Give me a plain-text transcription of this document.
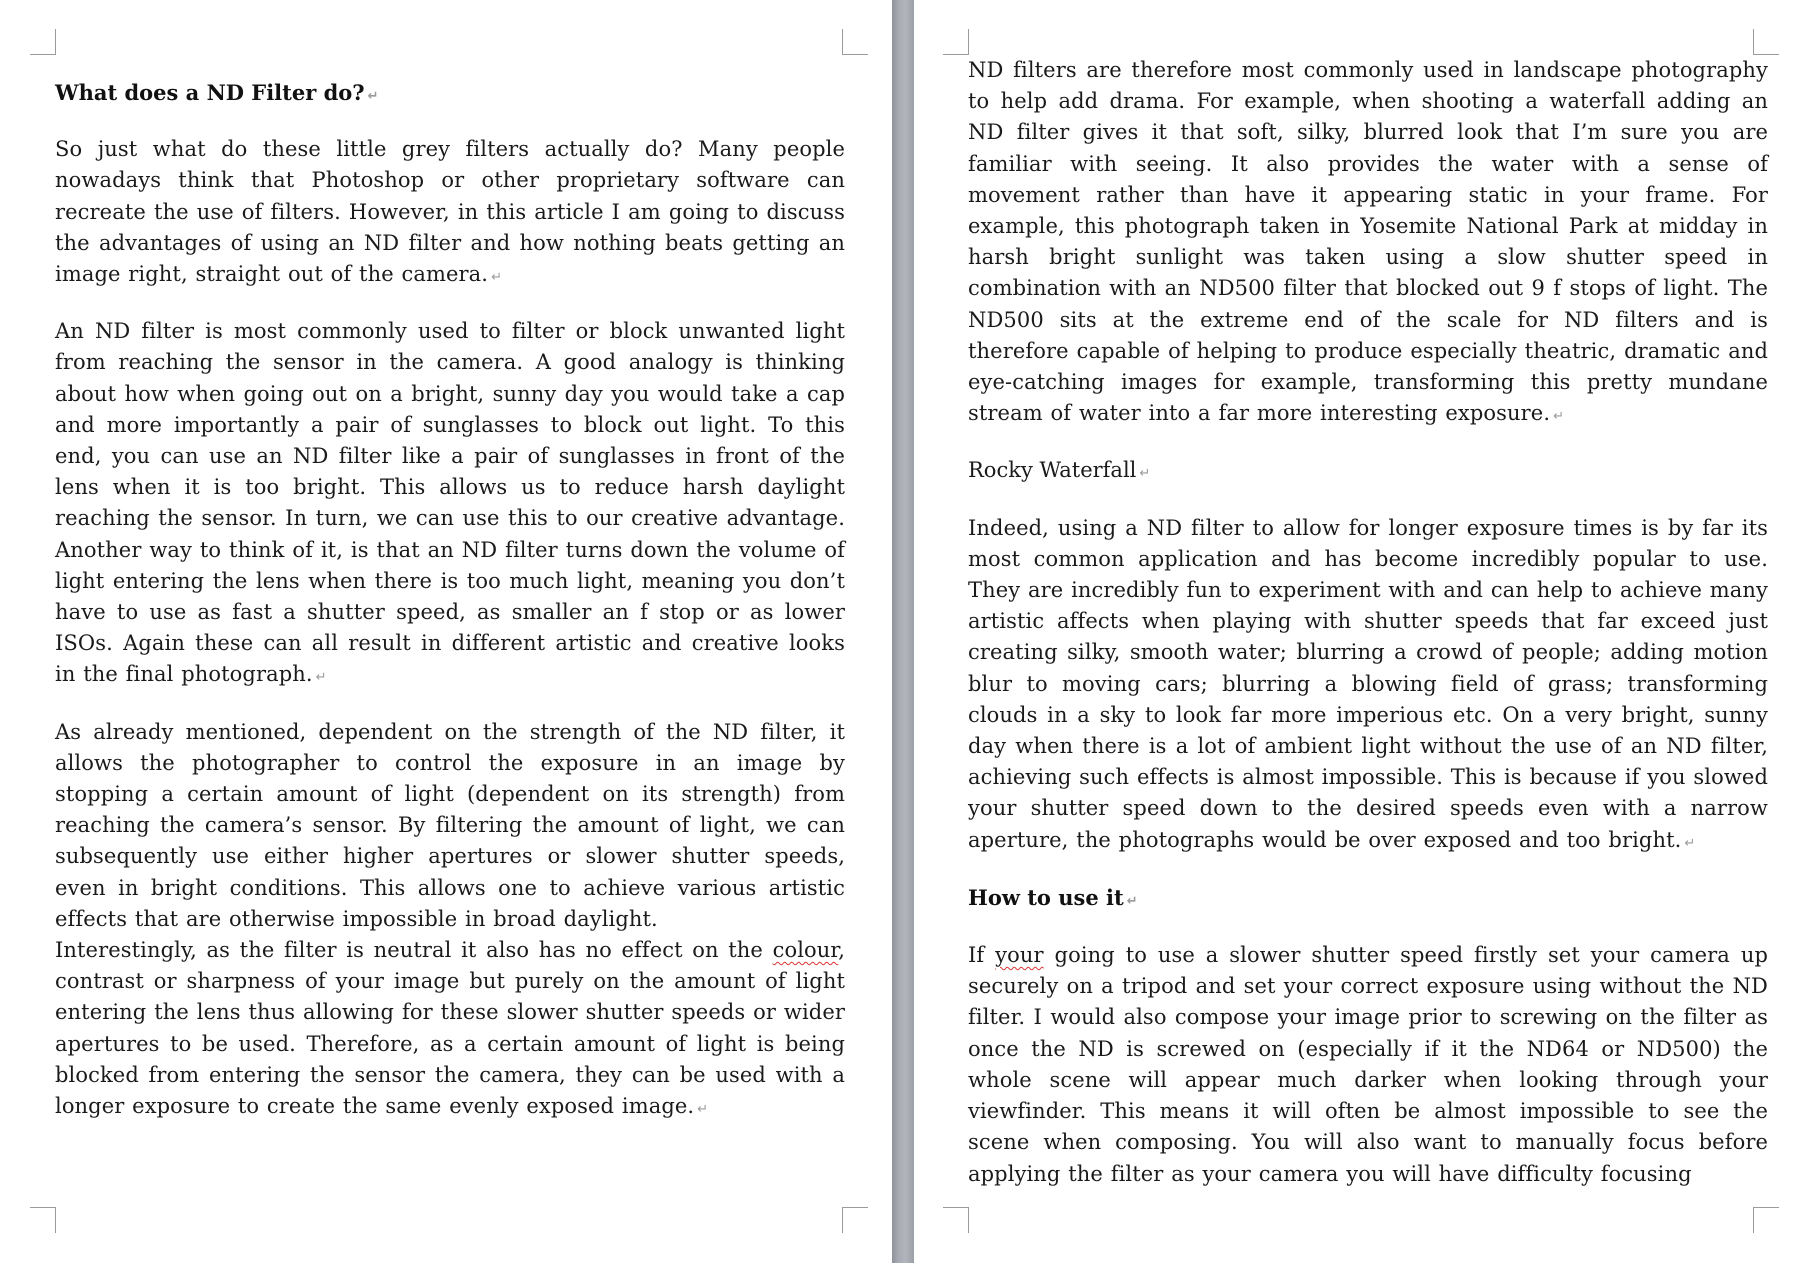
What does a ND Filter do? ↵

So just what do these little grey filters actually do? Many people nowadays think that Photoshop or other proprietary software can recreate the use of filters. However, in this article I am going to discuss the advantages of using an ND filter and how nothing beats getting an image right, straight out of the camera. ↵

An ND filter is most commonly used to filter or block unwanted light from reaching the sensor in the camera. A good analogy is thinking about how when going out on a bright, sunny day you would take a cap and more importantly a pair of sunglasses to block out light. To this end, you can use an ND filter like a pair of sunglasses in front of the lens when it is too bright. This allows us to reduce harsh daylight reaching the sensor. In turn, we can use this to our creative advantage. Another way to think of it, is that an ND filter turns down the volume of light entering the lens when there is too much light, meaning you don’t have to use as fast a shutter speed, as smaller an f stop or as lower ISOs. Again these can all result in different artistic and creative looks in the final photograph. ↵

As already mentioned, dependent on the strength of the ND filter, it allows the photographer to control the exposure in an image by stopping a certain amount of light (dependent on its strength) from reaching the camera’s sensor. By filtering the amount of light, we can subsequently use either higher apertures or slower shutter speeds, even in bright conditions. This allows one to achieve various artistic effects that are otherwise impossible in broad daylight.

Interestingly, as the filter is neutral it also has no effect on the colour, contrast or sharpness of your image but purely on the amount of light entering the lens thus allowing for these slower shutter speeds or wider apertures to be used. Therefore, as a certain amount of light is being blocked from entering the sensor the camera, they can be used with a longer exposure to create the same evenly exposed image. ↵

ND filters are therefore most commonly used in landscape photography to help add drama. For example, when shooting a waterfall adding an ND filter gives it that soft, silky, blurred look that I’m sure you are familiar with seeing. It also provides the water with a sense of movement rather than have it appearing static in your frame. For example, this photograph taken in Yosemite National Park at midday in harsh bright sunlight was taken using a slow shutter speed in combination with an ND500 filter that blocked out 9 f stops of light. The ND500 sits at the extreme end of the scale for ND filters and is therefore capable of helping to produce especially theatric, dramatic and eye-catching images for example, transforming this pretty mundane stream of water into a far more interesting exposure. ↵

Rocky Waterfall ↵

Indeed, using a ND filter to allow for longer exposure times is by far its most common application and has become incredibly popular to use. They are incredibly fun to experiment with and can help to achieve many artistic affects when playing with shutter speeds that far exceed just creating silky, smooth water; blurring a crowd of people; adding motion blur to moving cars; blurring a blowing field of grass; transforming clouds in a sky to look far more imperious etc. On a very bright, sunny day when there is a lot of ambient light without the use of an ND filter, achieving such effects is almost impossible. This is because if you slowed your shutter speed down to the desired speeds even with a narrow aperture, the photographs would be over exposed and too bright. ↵

How to use it ↵

If your going to use a slower shutter speed firstly set your camera up securely on a tripod and set your correct exposure using without the ND filter. I would also compose your image prior to screwing on the filter as once the ND is screwed on (especially if it the ND64 or ND500) the whole scene will appear much darker when looking through your viewfinder. This means it will often be almost impossible to see the scene when composing. You will also want to manually focus before applying the filter as your camera you will have difficulty focusing
